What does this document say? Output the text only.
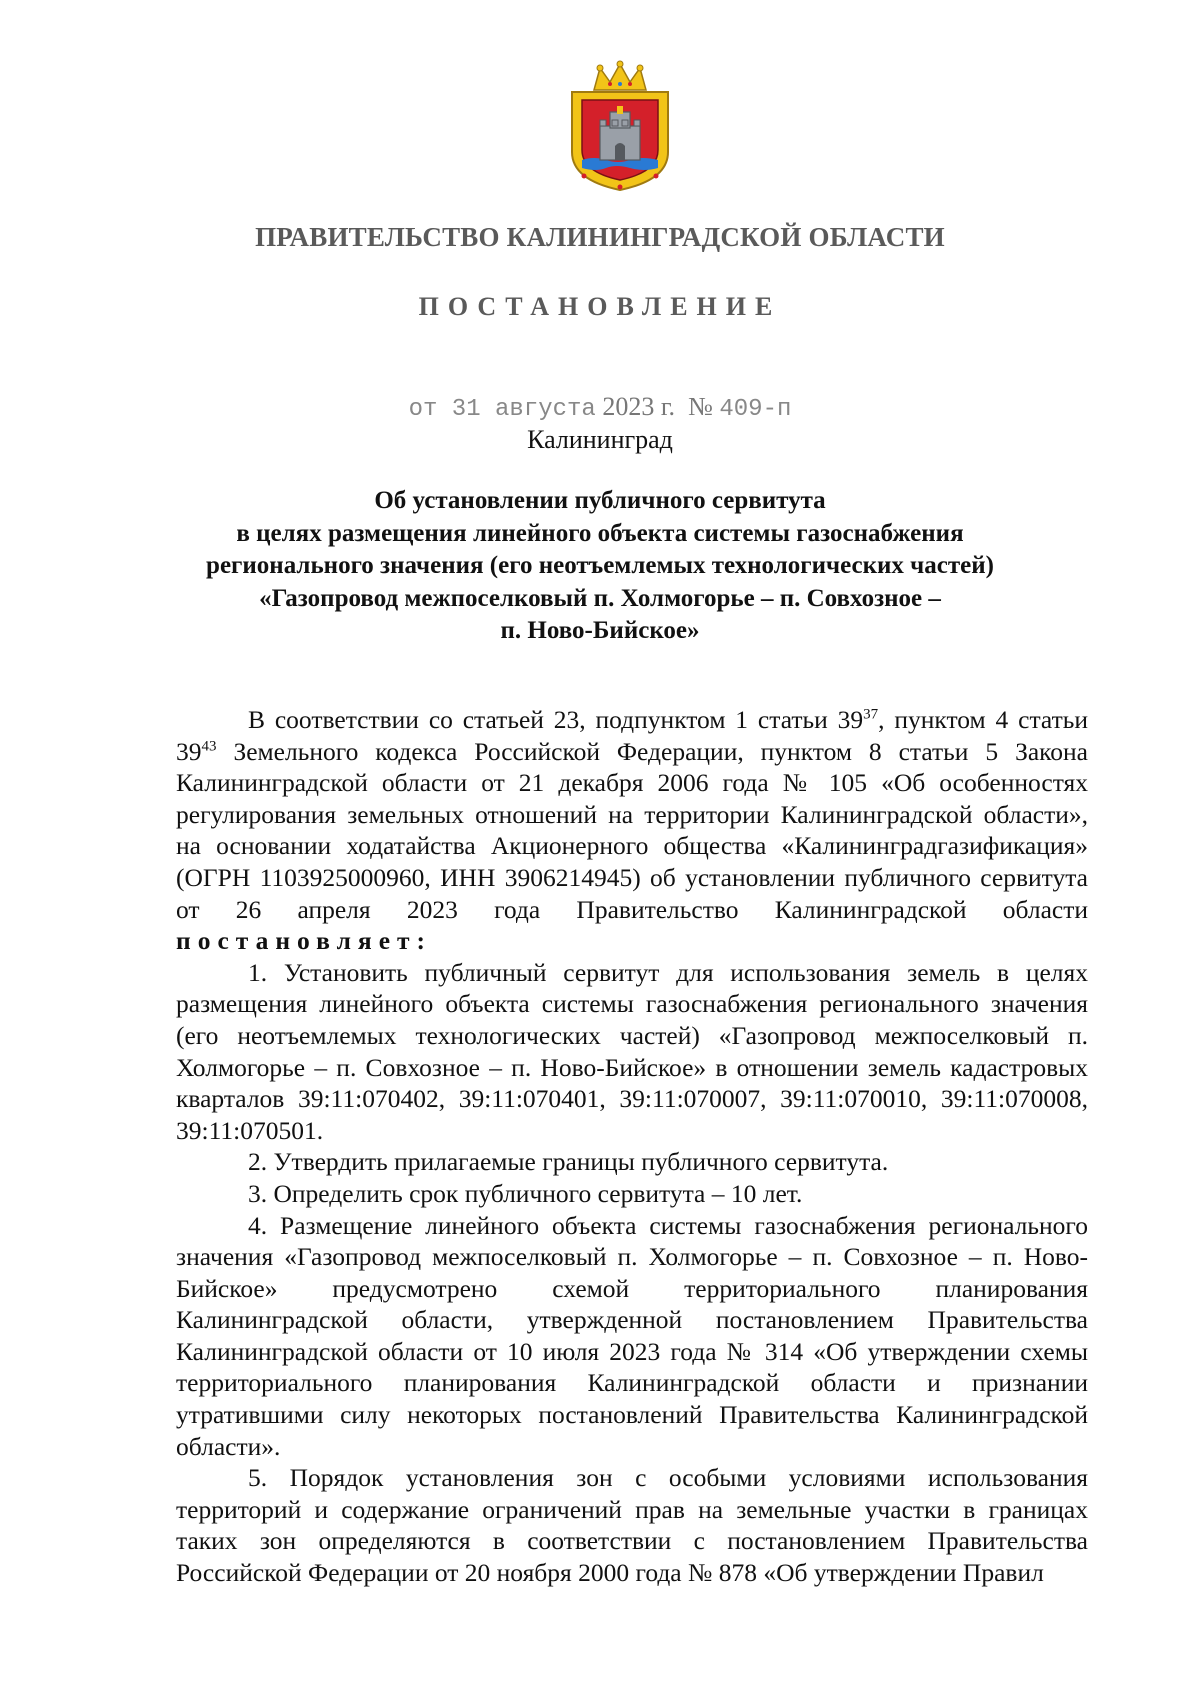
ПРАВИТЕЛЬСТВО КАЛИНИНГРАДСКОЙ ОБЛАСТИ
ПОСТАНОВЛЕНИЕ
от 31 августа 2023 г. № 409-п
Калининград
Об установлении публичного сервитута
в целях размещения линейного объекта системы газоснабжения
регионального значения (его неотъемлемых технологических частей)
«Газопровод межпоселковый п. Холмогорье – п. Совхозное –
п. Ново-Бийское»

В соответствии со статьей 23, подпунктом 1 статьи $39^{37}$, пунктом 4 статьи $39^{43}$ Земельного кодекса Российской Федерации, пунктом 8 статьи 5 Закона Калининградской области от 21 декабря 2006 года № 105 «Об особенностях регулирования земельных отношений на территории Калининградской области», на основании ходатайства Акционерного общества «Калининградгазификация» (ОГРН 1103925000960, ИНН 3906214945) об установлении публичного сервитута от 26 апреля 2023 года Правительство Калининградской области постановляет:

1. Установить публичный сервитут для использования земель в целях размещения линейного объекта системы газоснабжения регионального значения (его неотъемлемых технологических частей) «Газопровод межпоселковый п. Холмогорье – п. Совхозное – п. Ново-Бийское» в отношении земель кадастровых кварталов 39:11:070402, 39:11:070401, 39:11:070007, 39:11:070010, 39:11:070008, 39:11:070501.

2. Утвердить прилагаемые границы публичного сервитута.

3. Определить срок публичного сервитута – 10 лет.

4. Размещение линейного объекта системы газоснабжения регионального значения «Газопровод межпоселковый п. Холмогорье – п. Совхозное – п. Ново-Бийское» предусмотрено схемой территориального планирования Калининградской области, утвержденной постановлением Правительства Калининградской области от 10 июля 2023 года № 314 «Об утверждении схемы территориального планирования Калининградской области и признании утратившими силу некоторых постановлений Правительства Калининградской области».

5. Порядок установления зон с особыми условиями использования территорий и содержание ограничений прав на земельные участки в границах таких зон определяются в соответствии с постановлением Правительства Российской Федерации от 20 ноября 2000 года № 878 «Об утверждении Правил
